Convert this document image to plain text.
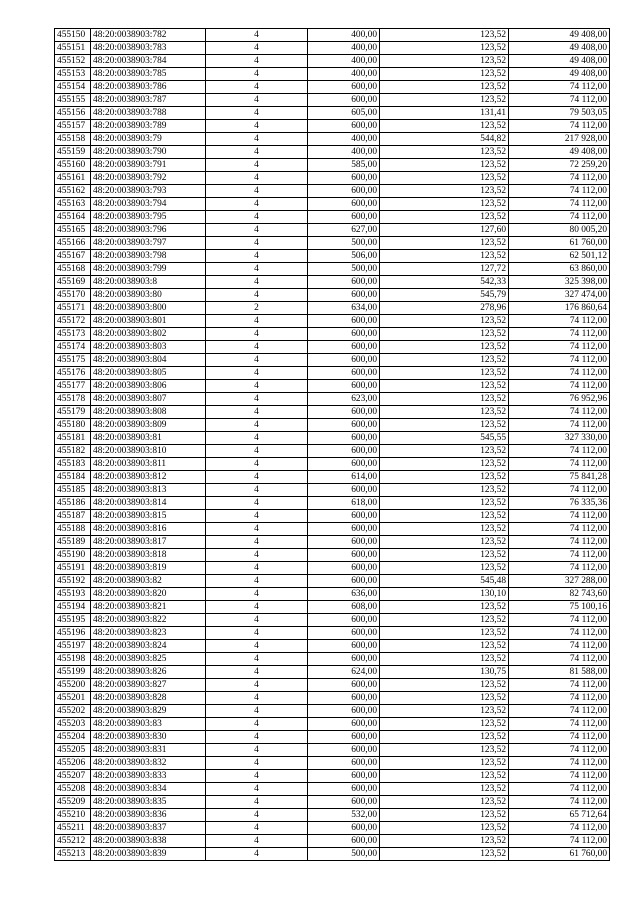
455150	48:20:0038903:782	4	400,00	123,52	49 408,00
455151	48:20:0038903:783	4	400,00	123,52	49 408,00
455152	48:20:0038903:784	4	400,00	123,52	49 408,00
455153	48:20:0038903:785	4	400,00	123,52	49 408,00
455154	48:20:0038903:786	4	600,00	123,52	74 112,00
455155	48:20:0038903:787	4	600,00	123,52	74 112,00
455156	48:20:0038903:788	4	605,00	131,41	79 503,05
455157	48:20:0038903:789	4	600,00	123,52	74 112,00
455158	48:20:0038903:79	4	400,00	544,82	217 928,00
455159	48:20:0038903:790	4	400,00	123,52	49 408,00
455160	48:20:0038903:791	4	585,00	123,52	72 259,20
455161	48:20:0038903:792	4	600,00	123,52	74 112,00
455162	48:20:0038903:793	4	600,00	123,52	74 112,00
455163	48:20:0038903:794	4	600,00	123,52	74 112,00
455164	48:20:0038903:795	4	600,00	123,52	74 112,00
455165	48:20:0038903:796	4	627,00	127,60	80 005,20
455166	48:20:0038903:797	4	500,00	123,52	61 760,00
455167	48:20:0038903:798	4	506,00	123,52	62 501,12
455168	48:20:0038903:799	4	500,00	127,72	63 860,00
455169	48:20:0038903:8	4	600,00	542,33	325 398,00
455170	48:20:0038903:80	4	600,00	545,79	327 474,00
455171	48:20:0038903:800	2	634,00	278,96	176 860,64
455172	48:20:0038903:801	4	600,00	123,52	74 112,00
455173	48:20:0038903:802	4	600,00	123,52	74 112,00
455174	48:20:0038903:803	4	600,00	123,52	74 112,00
455175	48:20:0038903:804	4	600,00	123,52	74 112,00
455176	48:20:0038903:805	4	600,00	123,52	74 112,00
455177	48:20:0038903:806	4	600,00	123,52	74 112,00
455178	48:20:0038903:807	4	623,00	123,52	76 952,96
455179	48:20:0038903:808	4	600,00	123,52	74 112,00
455180	48:20:0038903:809	4	600,00	123,52	74 112,00
455181	48:20:0038903:81	4	600,00	545,55	327 330,00
455182	48:20:0038903:810	4	600,00	123,52	74 112,00
455183	48:20:0038903:811	4	600,00	123,52	74 112,00
455184	48:20:0038903:812	4	614,00	123,52	75 841,28
455185	48:20:0038903:813	4	600,00	123,52	74 112,00
455186	48:20:0038903:814	4	618,00	123,52	76 335,36
455187	48:20:0038903:815	4	600,00	123,52	74 112,00
455188	48:20:0038903:816	4	600,00	123,52	74 112,00
455189	48:20:0038903:817	4	600,00	123,52	74 112,00
455190	48:20:0038903:818	4	600,00	123,52	74 112,00
455191	48:20:0038903:819	4	600,00	123,52	74 112,00
455192	48:20:0038903:82	4	600,00	545,48	327 288,00
455193	48:20:0038903:820	4	636,00	130,10	82 743,60
455194	48:20:0038903:821	4	608,00	123,52	75 100,16
455195	48:20:0038903:822	4	600,00	123,52	74 112,00
455196	48:20:0038903:823	4	600,00	123,52	74 112,00
455197	48:20:0038903:824	4	600,00	123,52	74 112,00
455198	48:20:0038903:825	4	600,00	123,52	74 112,00
455199	48:20:0038903:826	4	624,00	130,75	81 588,00
455200	48:20:0038903:827	4	600,00	123,52	74 112,00
455201	48:20:0038903:828	4	600,00	123,52	74 112,00
455202	48:20:0038903:829	4	600,00	123,52	74 112,00
455203	48:20:0038903:83	4	600,00	123,52	74 112,00
455204	48:20:0038903:830	4	600,00	123,52	74 112,00
455205	48:20:0038903:831	4	600,00	123,52	74 112,00
455206	48:20:0038903:832	4	600,00	123,52	74 112,00
455207	48:20:0038903:833	4	600,00	123,52	74 112,00
455208	48:20:0038903:834	4	600,00	123,52	74 112,00
455209	48:20:0038903:835	4	600,00	123,52	74 112,00
455210	48:20:0038903:836	4	532,00	123,52	65 712,64
455211	48:20:0038903:837	4	600,00	123,52	74 112,00
455212	48:20:0038903:838	4	600,00	123,52	74 112,00
455213	48:20:0038903:839	4	500,00	123,52	61 760,00
